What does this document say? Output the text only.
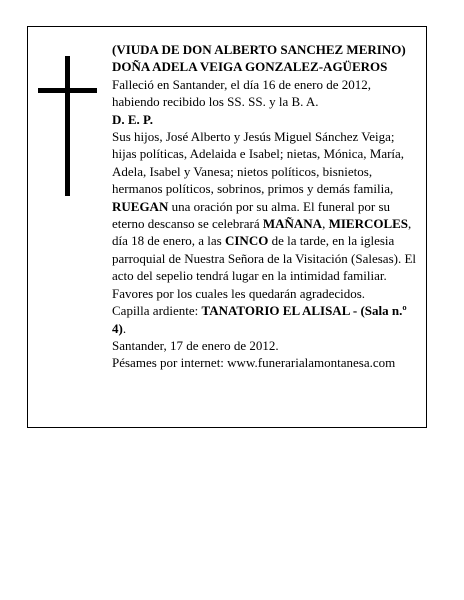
(VIUDA DE DON ALBERTO SANCHEZ MERINO)

DOÑA ADELA VEIGA GONZALEZ-AGÜEROS

Falleció en Santander, el día 16 de enero de 2012, habiendo recibido los SS. SS. y la B. A.

D. E. P.

Sus hijos, José Alberto y Jesús Miguel Sánchez Veiga; hijas políticas, Adelaida e Isabel; nietas, Mónica, María, Adela, Isabel y Vanesa; nietos políticos, bisnietos, hermanos políticos, sobrinos, primos y demás familia,

RUEGAN una oración por su alma. El funeral por su eterno descanso se celebrará MAÑANA, MIERCOLES, día 18 de enero, a las CINCO de la tarde, en la iglesia parroquial de Nuestra Señora de la Visitación (Salesas). El acto del sepelio tendrá lugar en la intimidad familiar. Favores por los cuales les quedarán agradecidos.

Capilla ardiente: TANATORIO EL ALISAL - (Sala n.º 4).

Santander, 17 de enero de 2012.

Pésames por internet: www.funerarialamontanesa.com
